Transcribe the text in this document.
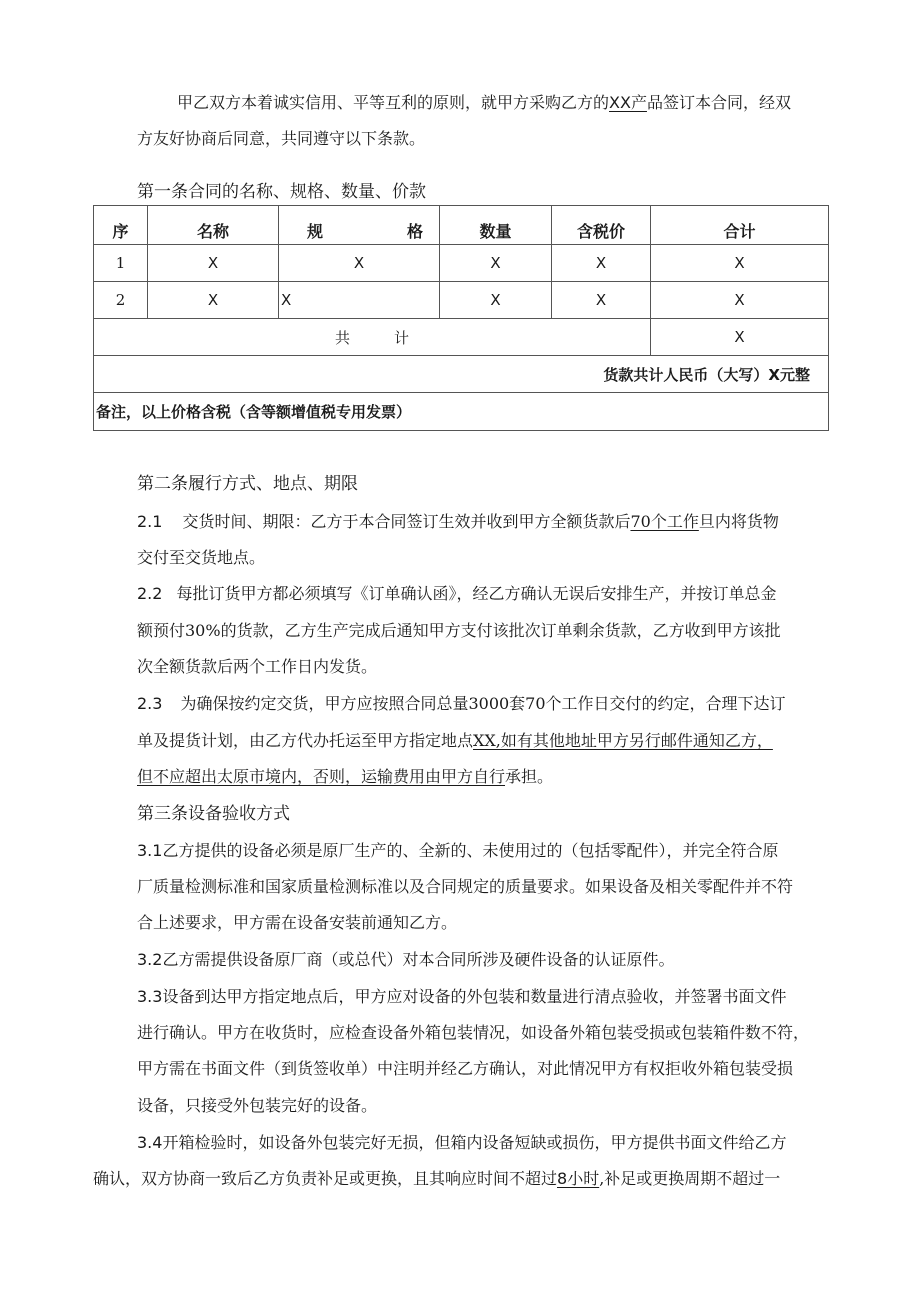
甲乙双方本着诚实信用、平等互利的原则，就甲方采购乙方的XX产品签订本合同，经双
方友好协商后同意，共同遵守以下条款。
第一条合同的名称、规格、数量、价款
序	名称	规 格	数量	含税价	合计
1	X	X	X	X	X
2	X	X	X	X	X
共 计					X
货款共计人民币（大写）X元整					
备注，以上价格含税（含等额增值税专用发票）					
第二条履行方式、地点、期限
2.1 交货时间、期限：乙方于本合同签订生效并收到甲方全额货款后70个工作旦内将货物
交付至交货地点。
2.2 每批订货甲方都必须填写《订单确认函》，经乙方确认无误后安排生产，并按订单总金
额预付30%的货款，乙方生产完成后通知甲方支付该批次订单剩余货款，乙方收到甲方该批
次全额货款后两个工作日内发货。
2.3 为确保按约定交货，甲方应按照合同总量3000套70个工作日交付的约定，合理下达订
单及提货计划，由乙方代办托运至甲方指定地点XX,如有其他地址甲方另行邮件通知乙方，
但不应超出太原市境内，否则，运输费用由甲方自行承担。
第三条设备验收方式
3.1乙方提供的设备必须是原厂生产的、全新的、未使用过的（包括零配件），并完全符合原
厂质量检测标准和国家质量检测标准以及合同规定的质量要求。如果设备及相关零配件并不符
合上述要求，甲方需在设备安装前通知乙方。
3.2乙方需提供设备原厂商（或总代）对本合同所涉及硬件设备的认证原件。
3.3设备到达甲方指定地点后，甲方应对设备的外包装和数量进行清点验收，并签署书面文件
进行确认。甲方在收货时，应检查设备外箱包装情况，如设备外箱包装受损或包装箱件数不符，
甲方需在书面文件（到货签收单）中注明并经乙方确认，对此情况甲方有权拒收外箱包装受损
设备，只接受外包装完好的设备。
3.4开箱检验时，如设备外包装完好无损，但箱内设备短缺或损伤，甲方提供书面文件给乙方
确认，双方协商一致后乙方负责补足或更换，且其响应时间不超过8小时,补足或更换周期不超过一
